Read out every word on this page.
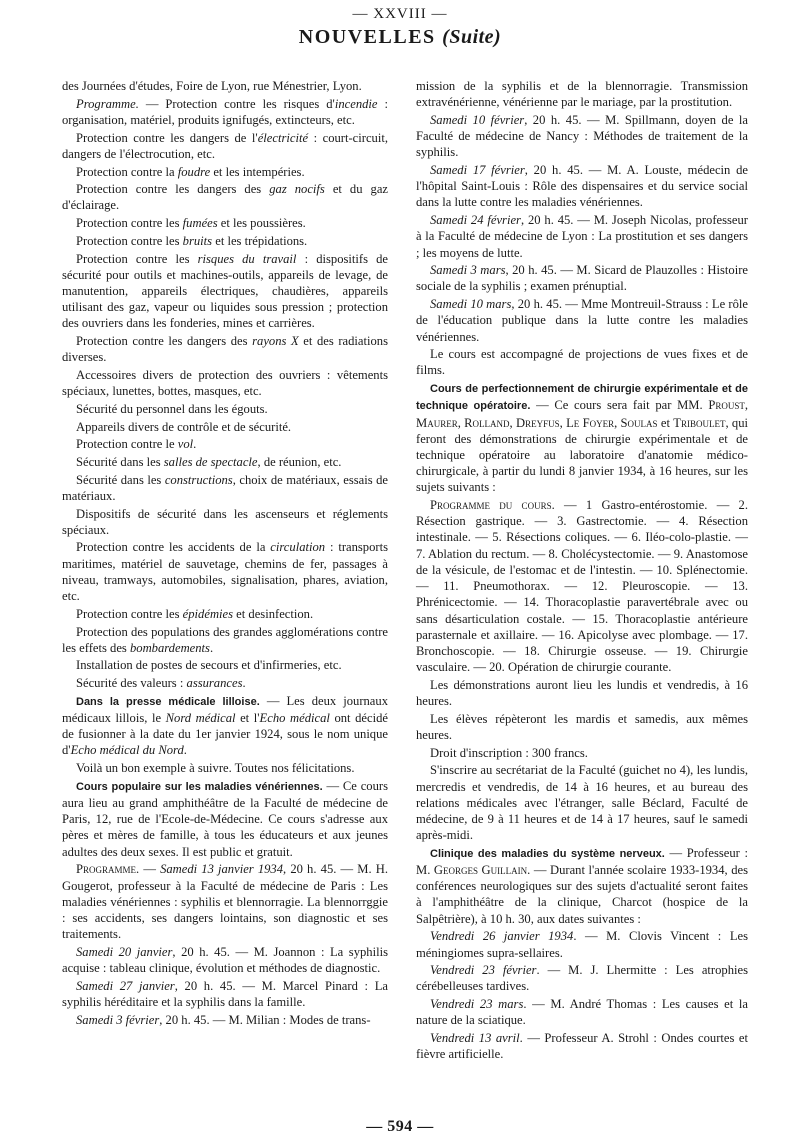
— XXVIII —
NOUVELLES (Suite)

des Journées d'études, Foire de Lyon, rue Ménestrier, Lyon.

Programme. — Protection contre les risques d'incendie : organisation, matériel, produits ignifugés, extincteurs, etc.

Protection contre les dangers de l'électricité : court-circuit, dangers de l'électrocution, etc.

Protection contre la foudre et les intempéries.

Protection contre les dangers des gaz nocifs et du gaz d'éclairage.

Protection contre les fumées et les poussières.

Protection contre les bruits et les trépidations.

Protection contre les risques du travail : dispositifs de sécurité pour outils et machines-outils, appareils de levage, de manutention, appareils électriques, chaudières, appareils utilisant des gaz, vapeur ou liquides sous pression ; protection des ouvriers dans les fonderies, mines et carrières.

Protection contre les dangers des rayons X et des radiations diverses.

Accessoires divers de protection des ouvriers : vêtements spéciaux, lunettes, bottes, masques, etc.

Sécurité du personnel dans les égouts.

Appareils divers de contrôle et de sécurité.

Protection contre le vol.

Sécurité dans les salles de spectacle, de réunion, etc.

Sécurité dans les constructions, choix de matériaux, essais de matériaux.

Dispositifs de sécurité dans les ascenseurs et réglements spéciaux.

Protection contre les accidents de la circulation : transports maritimes, matériel de sauvetage, chemins de fer, passages à niveau, tramways, automobiles, signalisation, phares, aviation, etc.

Protection contre les épidémies et desinfection.

Protection des populations des grandes agglomérations contre les effets des bombardements.

Installation de postes de secours et d'infirmeries, etc.

Sécurité des valeurs : assurances.

Dans la presse médicale lilloise. — Les deux journaux médicaux lillois, le Nord médical et l'Echo médical ont décidé de fusionner à la date du 1er janvier 1924, sous le nom unique d'Echo médical du Nord.

Voilà un bon exemple à suivre. Toutes nos félicitations.

Cours populaire sur les maladies vénériennes. — Ce cours aura lieu au grand amphithéâtre de la Faculté de médecine de Paris, 12, rue de l'Ecole-de-Médecine. Ce cours s'adresse aux pères et mères de famille, à tous les éducateurs et aux jeunes adultes des deux sexes. Il est public et gratuit.

Programme. — Samedi 13 janvier 1934, 20 h. 45. — M. H. Gougerot, professeur à la Faculté de médecine de Paris : Les maladies vénériennes : syphilis et blennorragie. La blennorrggie : ses accidents, ses dangers lointains, son diagnostic et ses traitements.

Samedi 20 janvier, 20 h. 45. — M. Joannon : La syphilis acquise : tableau clinique, évolution et méthodes de diagnostic.

Samedi 27 janvier, 20 h. 45. — M. Marcel Pinard : La syphilis héréditaire et la syphilis dans la famille.

Samedi 3 février, 20 h. 45. — M. Milian : Modes de trans-

mission de la syphilis et de la blennorragie. Transmission extravénérienne, vénérienne par le mariage, par la prostitution.

Samedi 10 février, 20 h. 45. — M. Spillmann, doyen de la Faculté de médecine de Nancy : Méthodes de traitement de la syphilis.

Samedi 17 février, 20 h. 45. — M. A. Louste, médecin de l'hôpital Saint-Louis : Rôle des dispensaires et du service social dans la lutte contre les maladies vénériennes.

Samedi 24 février, 20 h. 45. — M. Joseph Nicolas, professeur à la Faculté de médecine de Lyon : La prostitution et ses dangers ; les moyens de lutte.

Samedi 3 mars, 20 h. 45. — M. Sicard de Plauzolles : Histoire sociale de la syphilis ; examen prénuptial.

Samedi 10 mars, 20 h. 45. — Mme Montreuil-Strauss : Le rôle de l'éducation publique dans la lutte contre les maladies vénériennes.

Le cours est accompagné de projections de vues fixes et de films.

Cours de perfectionnement de chirurgie expérimentale et de technique opératoire. — Ce cours sera fait par MM. Proust, Maurer, Rolland, Dreyfus, Le Foyer, Soulas et Triboulet, qui feront des démonstrations de chirurgie expérimentale et de technique opératoire au laboratoire d'anatomie médico-chirurgicale, à partir du lundi 8 janvier 1934, à 16 heures, sur les sujets suivants :

Programme du cours. — 1 Gastro-entérostomie. — 2. Résection gastrique. — 3. Gastrectomie. — 4. Résection intestinale. — 5. Résections coliques. — 6. Iléo-colo-plastie. — 7. Ablation du rectum. — 8. Cholécystectomie. — 9. Anastomose de la vésicule, de l'estomac et de l'intestin. — 10. Splénectomie. — 11. Pneumothorax. — 12. Pleuroscopie. — 13. Phrénicectomie. — 14. Thoracoplastie paravertébrale avec ou sans désarticulation costale. — 15. Thoracoplastie antérieure parasternale et axillaire. — 16. Apicolyse avec plombage. — 17. Bronchoscopie. — 18. Chirurgie osseuse. — 19. Chirurgie vasculaire. — 20. Opération de chirurgie courante.

Les démonstrations auront lieu les lundis et vendredis, à 16 heures.

Les élèves répèteront les mardis et samedis, aux mêmes heures.

Droit d'inscription : 300 francs.

S'inscrire au secrétariat de la Faculté (guichet no 4), les lundis, mercredis et vendredis, de 14 à 16 heures, et au bureau des relations médicales avec l'étranger, salle Béclard, Faculté de médecine, de 9 à 11 heures et de 14 à 17 heures, sauf le samedi après-midi.

Clinique des maladies du système nerveux. — Professeur : M. Georges Guillain. — Durant l'année scolaire 1933-1934, des conférences neurologiques sur des sujets d'actualité seront faites à l'amphithéâtre de la clinique, Charcot (hospice de la Salpêtrière), à 10 h. 30, aux dates suivantes :

Vendredi 26 janvier 1934. — M. Clovis Vincent : Les méningiomes supra-sellaires.

Vendredi 23 février. — M. J. Lhermitte : Les atrophies cérébelleuses tardives.

Vendredi 23 mars. — M. André Thomas : Les causes et la nature de la sciatique.

Vendredi 13 avril. — Professeur A. Strohl : Ondes courtes et fièvre artificielle.

— 594 —
